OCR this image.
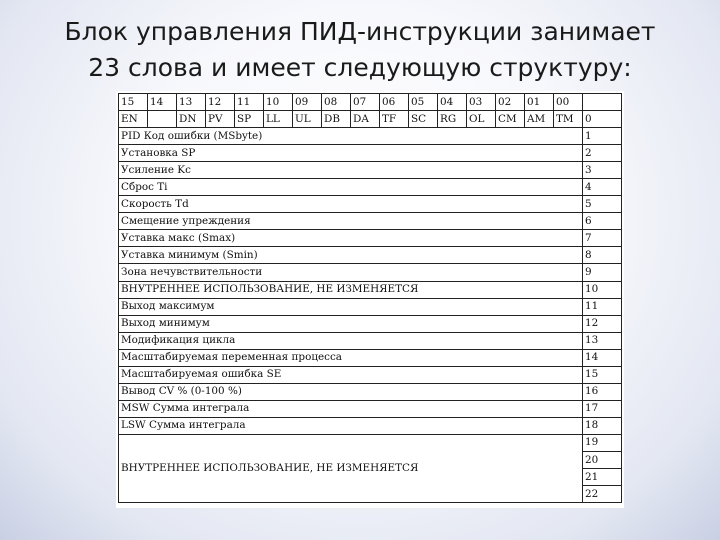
Блок управления ПИД-инструкции занимает
23 слова и имеет следующую структуру:
15	14	13	12	11	10	09	08	07	06	05	04	03	02	01	00	
EN		DN	PV	SP	LL	UL	DB	DA	TF	SC	RG	OL	CM	AM	TM	0
PID Код ошибки (MSbyte)																1
Установка SP																2
Усиление Kc																3
Сброс Ti																4
Скорость Td																5
Смещение упреждения																6
Уставка макс (Smax)																7
Уставка минимум (Smin)																8
Зона нечувствительности																9
ВНУТРЕННЕЕ ИСПОЛЬЗОВАНИЕ, НЕ ИЗМЕНЯЕТСЯ																10
Выход максимум																11
Выход минимум																12
Модификация цикла																13
Масштабируемая переменная процесса																14
Масштабируемая ошибка SE																15
Вывод CV % (0-100 %)																16
MSW Сумма интеграла																17
LSW Сумма интеграла																18
ВНУТРЕННЕЕ ИСПОЛЬЗОВАНИЕ, НЕ ИЗМЕНЯЕТСЯ																19
																20
																21
																22
